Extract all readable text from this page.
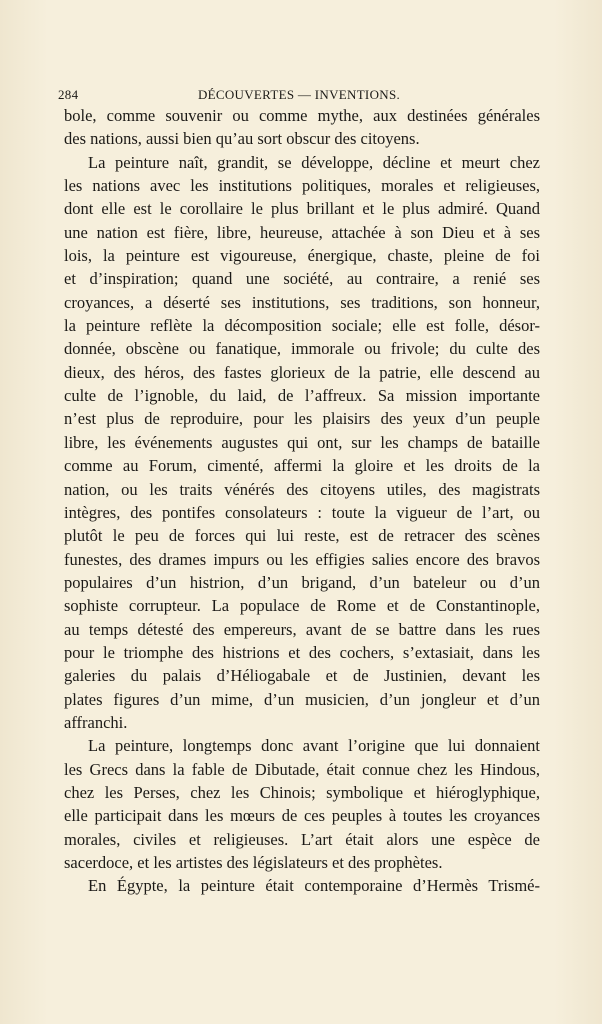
284	DÉCOUVERTES — INVENTIONS.
bole, comme souvenir ou comme mythe, aux destinées générales
des nations, aussi bien qu’au sort obscur des citoyens.
La peinture naît, grandit, se développe, décline et meurt chez
les nations avec les institutions politiques, morales et religieuses,
dont elle est le corollaire le plus brillant et le plus admiré. Quand
une nation est fière, libre, heureuse, attachée à son Dieu et à ses
lois, la peinture est vigoureuse, énergique, chaste, pleine de foi
et d’inspiration; quand une société, au contraire, a renié ses
croyances, a déserté ses institutions, ses traditions, son honneur,
la peinture reflète la décomposition sociale; elle est folle, désor-
donnée, obscène ou fanatique, immorale ou frivole; du culte des
dieux, des héros, des fastes glorieux de la patrie, elle descend au
culte de l’ignoble, du laid, de l’affreux. Sa mission importante
n’est plus de reproduire, pour les plaisirs des yeux d’un peuple
libre, les événements augustes qui ont, sur les champs de bataille
comme au Forum, cimenté, affermi la gloire et les droits de la
nation, ou les traits vénérés des citoyens utiles, des magistrats
intègres, des pontifes consolateurs : toute la vigueur de l’art, ou
plutôt le peu de forces qui lui reste, est de retracer des scènes
funestes, des drames impurs ou les effigies salies encore des bravos
populaires d’un histrion, d’un brigand, d’un bateleur ou d’un
sophiste corrupteur. La populace de Rome et de Constantinople,
au temps détesté des empereurs, avant de se battre dans les rues
pour le triomphe des histrions et des cochers, s’extasiait, dans les
galeries du palais d’Héliogabale et de Justinien, devant les
plates figures d’un mime, d’un musicien, d’un jongleur et d’un
affranchi.
La peinture, longtemps donc avant l’origine que lui donnaient
les Grecs dans la fable de Dibutade, était connue chez les Hindous,
chez les Perses, chez les Chinois; symbolique et hiéroglyphique,
elle participait dans les mœurs de ces peuples à toutes les croyances
morales, civiles et religieuses. L’art était alors une espèce de
sacerdoce, et les artistes des législateurs et des prophètes.
En Égypte, la peinture était contemporaine d’Hermès Trismé-
